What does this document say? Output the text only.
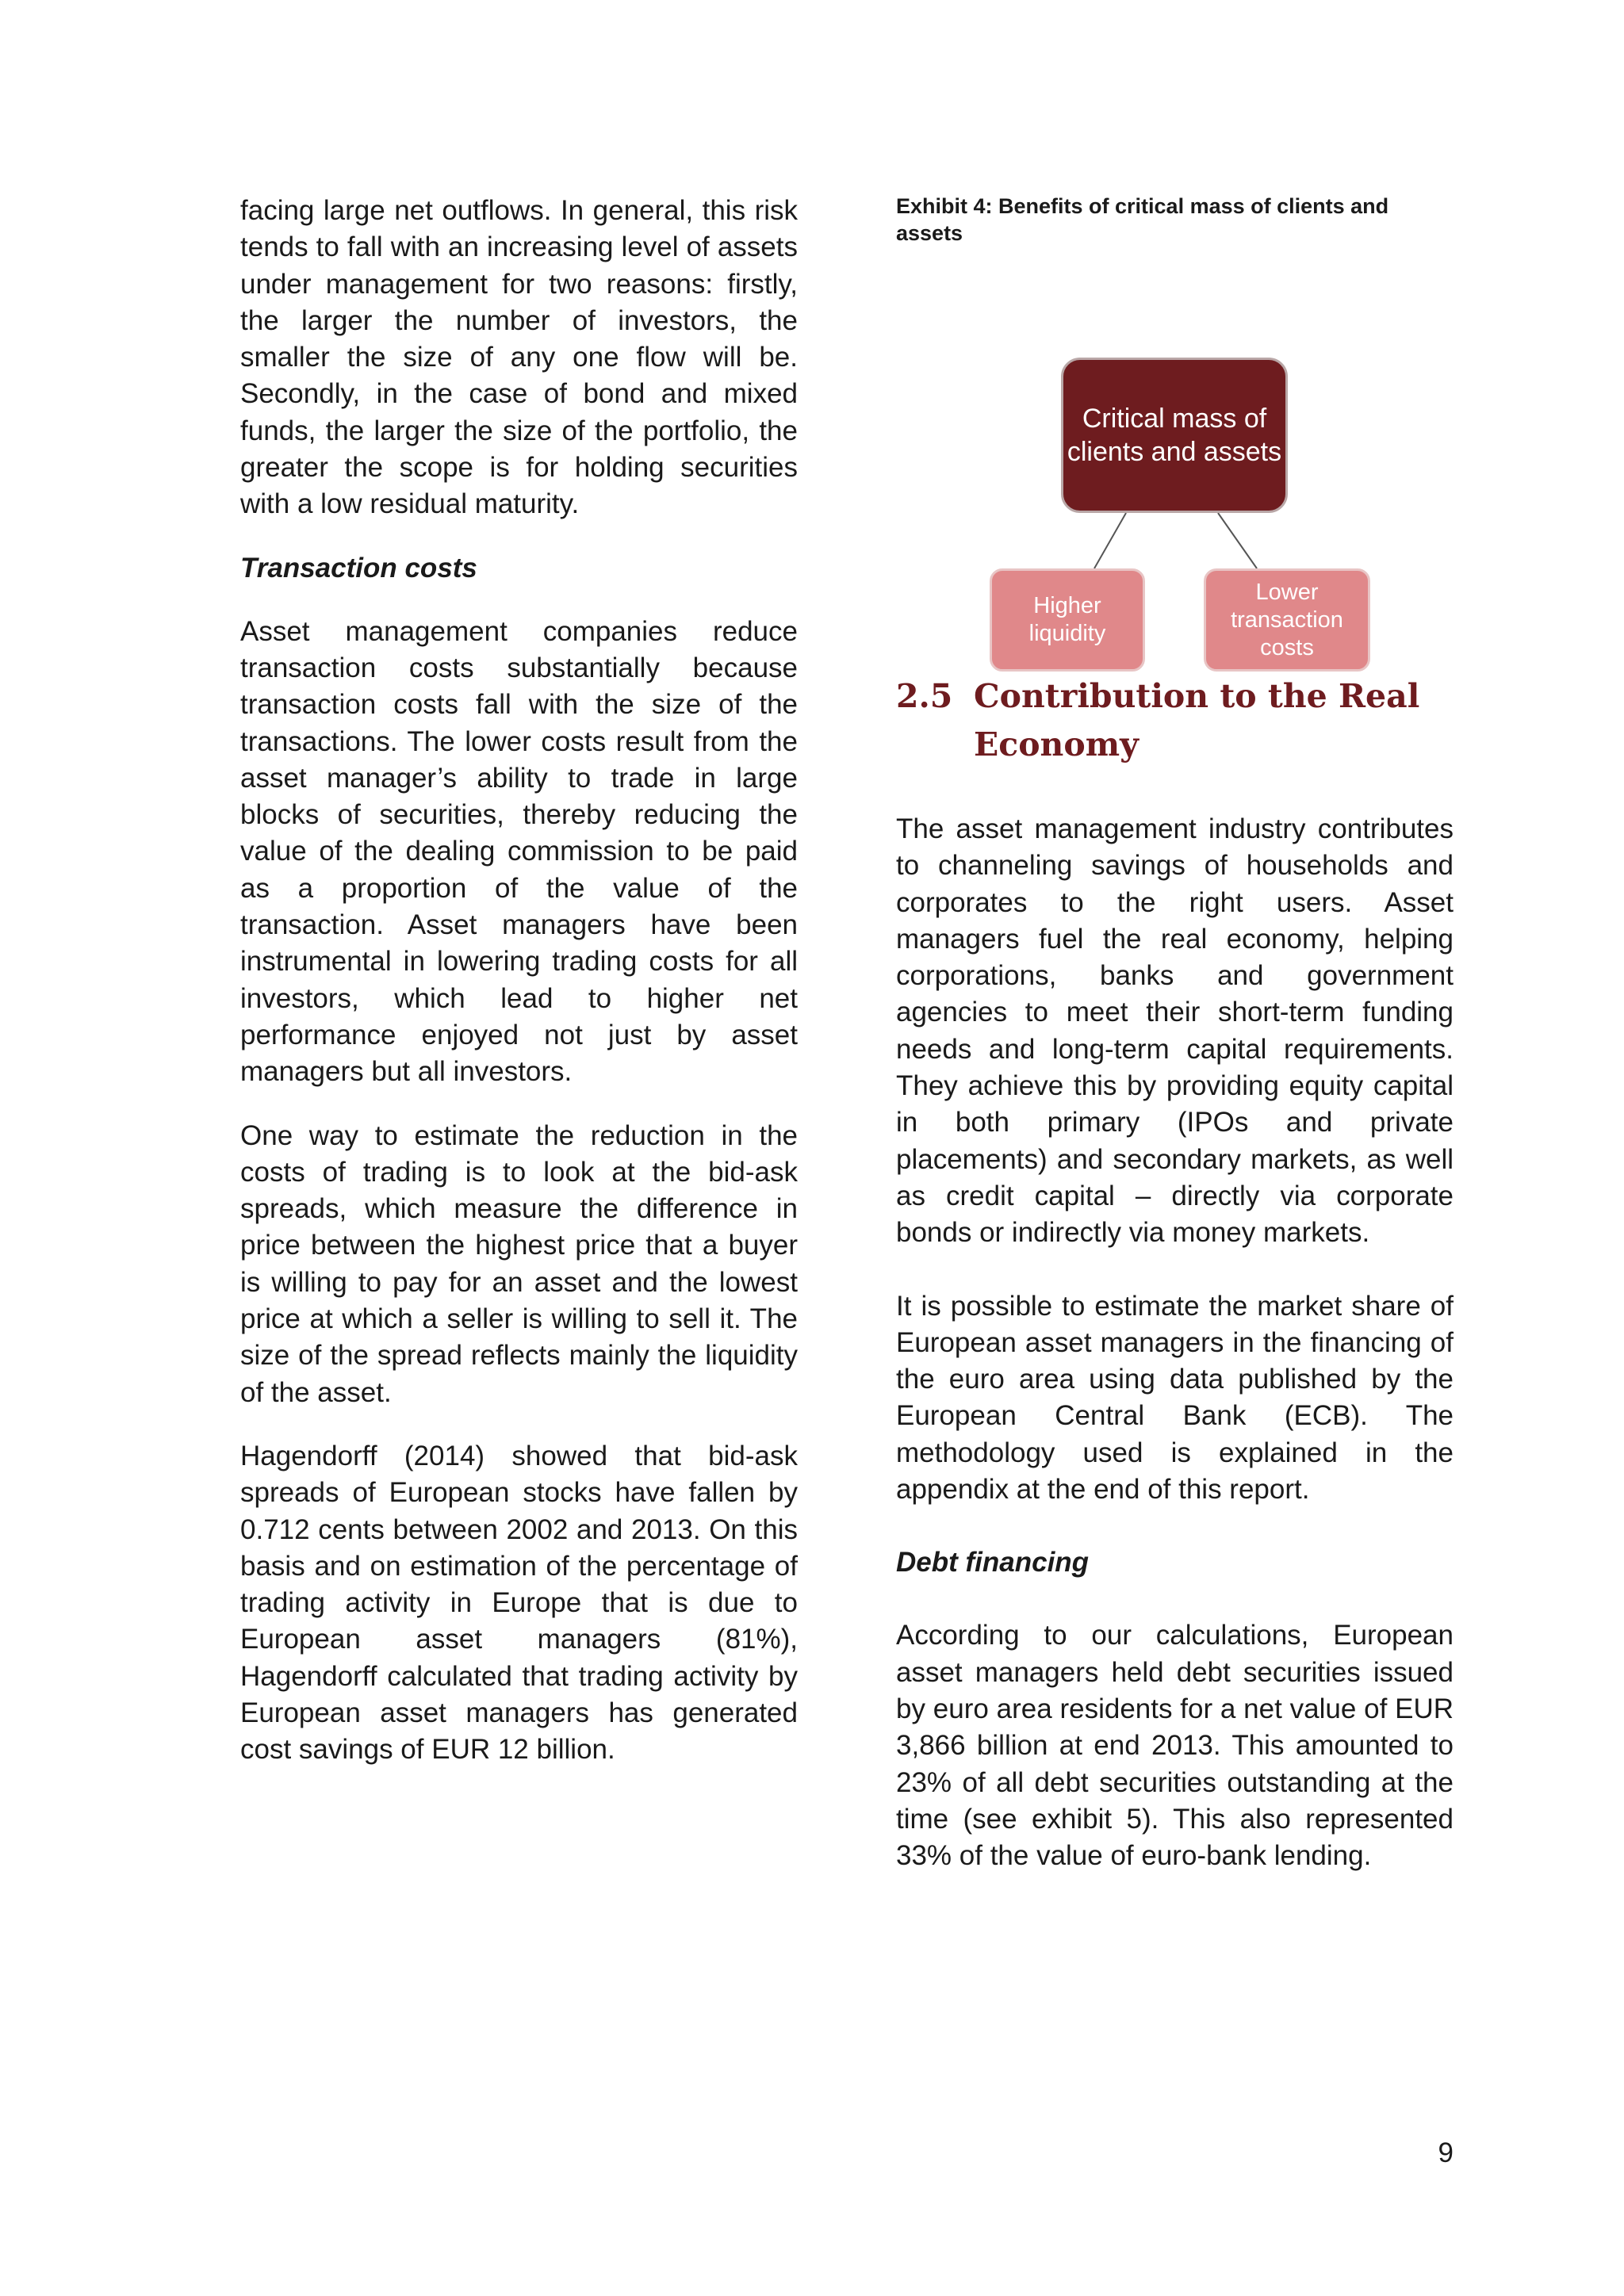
facing large net outflows. In general, this risk tends to fall with an increasing level of assets under management for two reasons: firstly, the larger the number of investors, the smaller the size of any one flow will be. Secondly, in the case of bond and mixed funds, the larger the size of the portfolio, the greater the scope is for holding securities with a low residual maturity.

Transaction costs

Asset management companies reduce transaction costs substantially because transaction costs fall with the size of the transactions. The lower costs result from the asset manager’s ability to trade in large blocks of securities, thereby reducing the value of the dealing commission to be paid as a proportion of the value of the transaction. Asset managers have been instrumental in lowering trading costs for all investors, which lead to higher net performance enjoyed not just by asset managers but all investors.

One way to estimate the reduction in the costs of trading is to look at the bid-ask spreads, which measure the difference in price between the highest price that a buyer is willing to pay for an asset and the lowest price at which a seller is willing to sell it. The size of the spread reflects mainly the liquidity of the asset.

Hagendorff (2014) showed that bid-ask spreads of European stocks have fallen by 0.712 cents between 2002 and 2013. On this basis and on estimation of the percentage of trading activity in Europe that is due to European asset managers (81%), Hagendorff calculated that trading activity by European asset managers has generated cost savings of EUR 12 billion.

Exhibit 4: Benefits of critical mass of clients and assets

Critical mass of clients and assets
Higher liquidity
Lower transaction costs
2.5 Contribution to the Real Economy

The asset management industry contributes to channeling savings of households and corporates to the right users. Asset managers fuel the real economy, helping corporations, banks and government agencies to meet their short-term funding needs and long-term capital requirements. They achieve this by providing equity capital in both primary (IPOs and private placements) and secondary markets, as well as credit capital – directly via corporate bonds or indirectly via money markets.

It is possible to estimate the market share of European asset managers in the financing of the euro area using data published by the European Central Bank (ECB). The methodology used is explained in the appendix at the end of this report.

Debt financing

According to our calculations, European asset managers held debt securities issued by euro area residents for a net value of EUR 3,866 billion at end 2013. This amounted to 23% of all debt securities outstanding at the time (see exhibit 5). This also represented 33% of the value of euro-bank lending.

9
